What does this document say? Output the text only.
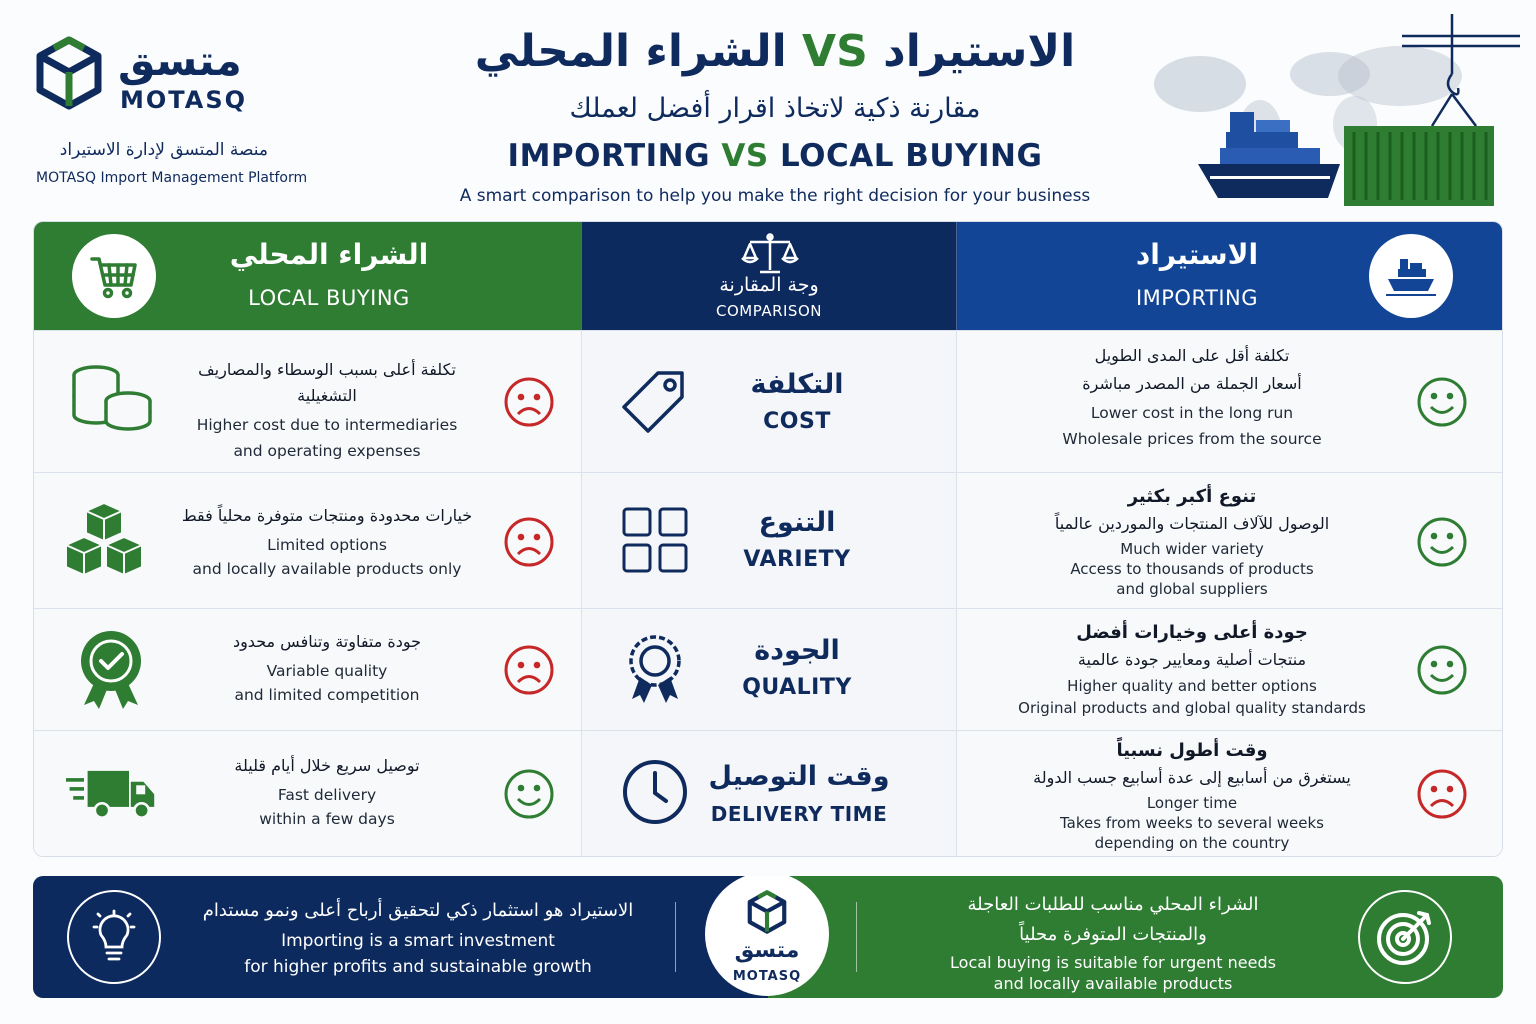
متسق
MOTASQ
منصة المتسق لإدارة الاستيراد
MOTASQ Import Management Platform
الاستيراد VS الشراء المحلي
مقارنة ذكية لاتخاذ اقرار أفضل لعملك
IMPORTING VS LOCAL BUYING
A smart comparison to help you make the right decision for your business
الشراء المحلي
LOCAL BUYING
وجة المقارنة
COMPARISON
الاستيراد
IMPORTING
تكلفة أعلى بسبب الوسطاء والمصاريف التشغيلية
Higher cost due to intermediaries
and operating expenses
التكلفة
COST
تكلفة أقل على المدى الطويل
أسعار الجملة من المصدر مباشرة
Lower cost in the long run
Wholesale prices from the source
خيارات محدودة ومنتجات متوفرة محلياً فقط
Limited options
and locally available products only
التنوع
VARIETY
تنوع أكبر بكثير
الوصول للآلاف المنتجات والموردين عالمياً
Much wider variety
Access to thousands of products
and global suppliers
جودة متفاوتة وتنافس محدود
Variable quality
and limited competition
الجودة
QUALITY
جودة أعلى وخيارات أفضل
منتجات أصلية ومعايير جودة عالمية
Higher quality and better options
Original products and global quality standards
توصيل سريع خلال أيام قليلة
Fast delivery
within a few days
وقت التوصيل
DELIVERY TIME
وقت أطول نسبياً
يستغرق من أسابيع إلى عدة أسابيع جسب الدولة
Longer time
Takes from weeks to several weeks
depending on the country
الاستيراد هو استثمار ذكي لتحقيق أرباح أعلى ونمو مستدام
Importing is a smart investment
for higher profits and sustainable growth
الشراء المحلي مناسب للطلبات العاجلة
والمنتجات المتوفرة محلياً
Local buying is suitable for urgent needs
and locally available products
متسق
MOTASQ
